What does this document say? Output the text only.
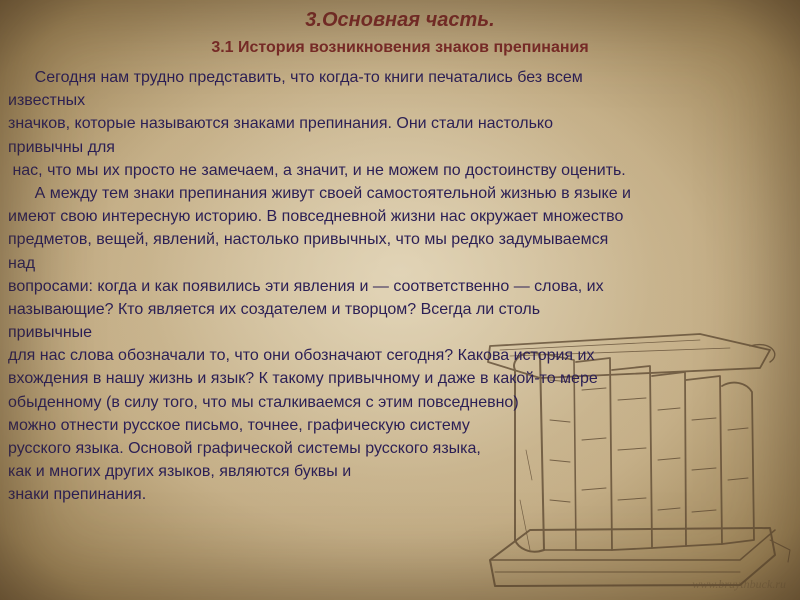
3.Основная часть.
3.1 История возникновения знаков препинания
Сегодня нам трудно представить, что когда-то книги печатались без всем
известных
значков, которые называются знаками препинания. Они стали настолько
привычны для
нас, что мы их просто не замечаем, а значит, и не можем по достоинству оценить.
А между тем знаки препинания живут своей самостоятельной жизнью в языке и
имеют свою интересную историю. В повседневной жизни нас окружает множество
предметов, вещей, явлений, настолько привычных, что мы редко задумываемся
над
вопросами: когда и как появились эти явления и — соответственно — слова, их
называющие? Кто является их создателем и творцом? Всегда ли столь
привычные
для нас слова обозначали то, что они обозначают сегодня? Какова история их
вхождения в нашу жизнь и язык? К такому привычному и даже в какой-то мере
обыденному (в силу того, что мы сталкиваемся с этим повседневно)
можно отнести русское письмо, точнее, графическую систему
русского языка. Основой графической системы русского языка,
как и многих других языков, являются буквы и
знаки препинания.
www.bruythbuck.ru
